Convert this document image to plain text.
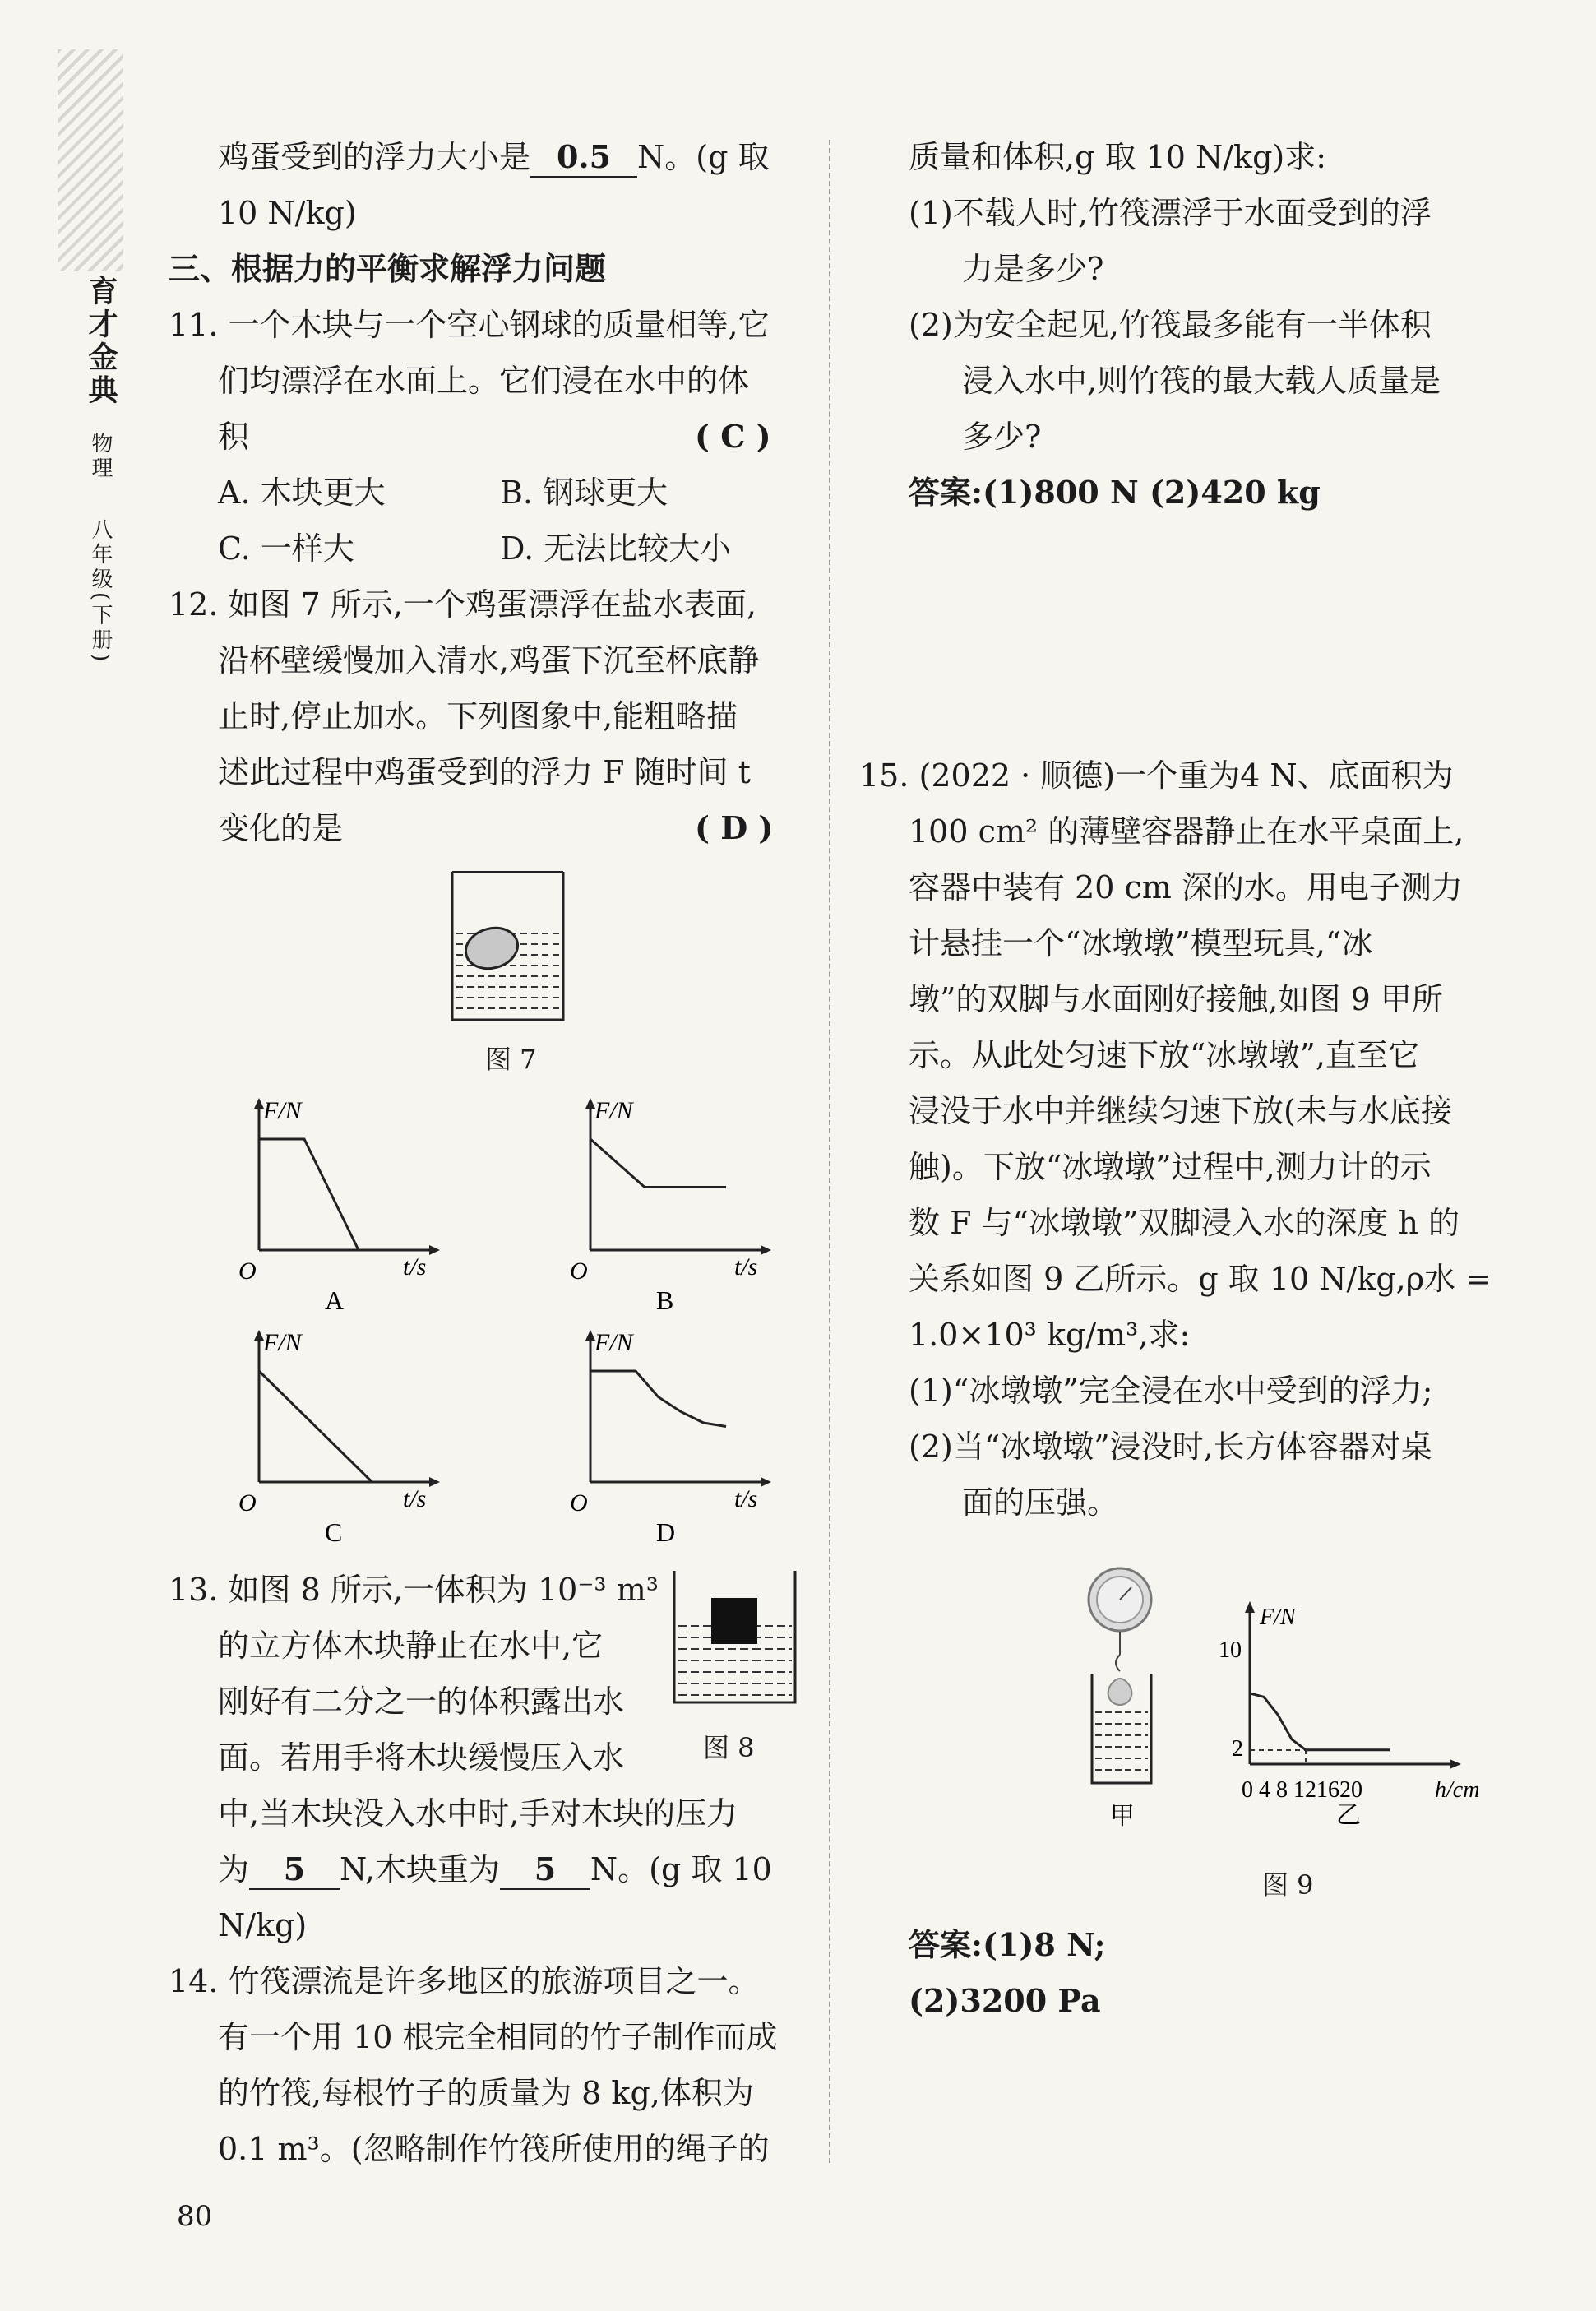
育才金典
物理
八年级(下册)
鸡蛋受到的浮力大小是 0.5 N。(g 取
10 N/kg)
三、根据力的平衡求解浮力问题
11. 一个木块与一个空心钢球的质量相等,它
们均漂浮在水面上。它们浸在水中的体
积	( C )
A. 木块更大	B. 钢球更大
C. 一样大	D. 无法比较大小
12. 如图 7 所示,一个鸡蛋漂浮在盐水表面,
沿杯壁缓慢加入清水,鸡蛋下沉至杯底静
止时,停止加水。下列图象中,能粗略描
述此过程中鸡蛋受到的浮力 F 随时间 t
变化的是	( D )
图 7
F/N
O	t/s
A
F/N
O	t/s
B
F/N
O	t/s
C
F/N
O	t/s
D
13. 如图 8 所示,一体积为 10⁻³ m³
的立方体木块静止在水中,它
刚好有二分之一的体积露出水
面。若用手将木块缓慢压入水
中,当木块没入水中时,手对木块的压力
为 5 N,木块重为 5 N。(g 取 10
N/kg)
图 8
14. 竹筏漂流是许多地区的旅游项目之一。
有一个用 10 根完全相同的竹子制作而成
的竹筏,每根竹子的质量为 8 kg,体积为
0.1 m³。(忽略制作竹筏所使用的绳子的
80
质量和体积,g 取 10 N/kg)求:
(1)不载人时,竹筏漂浮于水面受到的浮
力是多少?
(2)为安全起见,竹筏最多能有一半体积
浸入水中,则竹筏的最大载人质量是
多少?
答案:(1)800 N (2)420 kg
15. (2022 · 顺德)一个重为4 N、底面积为
100 cm² 的薄壁容器静止在水平桌面上,
容器中装有 20 cm 深的水。用电子测力
计悬挂一个“冰墩墩”模型玩具,“冰
墩”的双脚与水面刚好接触,如图 9 甲所
示。从此处匀速下放“冰墩墩”,直至它
浸没于水中并继续匀速下放(未与水底接
触)。下放“冰墩墩”过程中,测力计的示
数 F 与“冰墩墩”双脚浸入水的深度 h 的
关系如图 9 乙所示。g 取 10 N/kg,ρ水 =
1.0×10³ kg/m³,求:
(1)“冰墩墩”完全浸在水中受到的浮力;
(2)当“冰墩墩”浸没时,长方体容器对桌
面的压强。
甲
F/N
10
2
0 4 8 121620	h/cm
乙
图 9
答案:(1)8 N;
(2)3200 Pa
